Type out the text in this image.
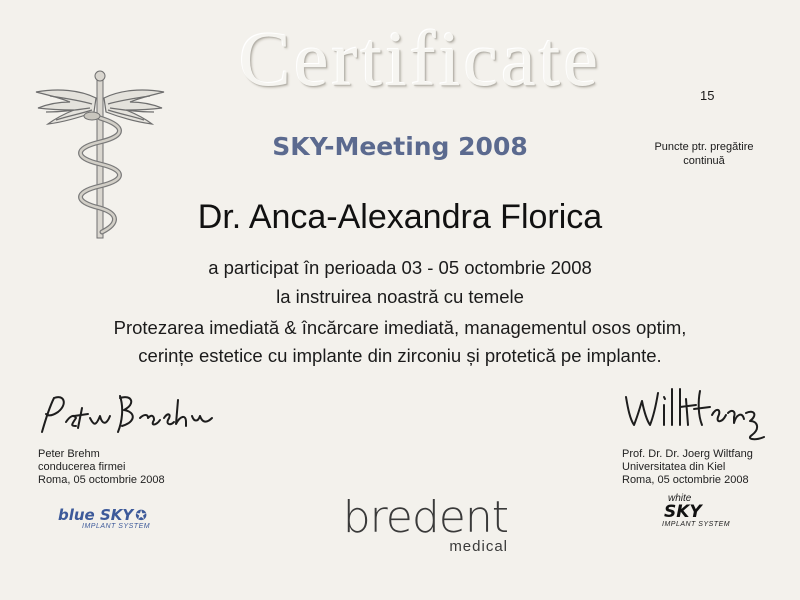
Certificate
SKY-Meeting 2008
15
Puncte ptr. pregătire
continuă
Dr. Anca-Alexandra Florica
a participat în perioada 03 - 05 octombrie 2008
la instruirea noastră cu temele
Protezarea imediată & încărcare imediată, managementul osos optim,
cerințe estetice cu implante din zirconiu și protetică pe implante.
Peter Brehm
conducerea firmei
Roma, 05 octombrie 2008
Prof. Dr. Dr. Joerg Wiltfang
Universitatea din Kiel
Roma, 05 octombrie 2008
blue SKY ✪
IMPLANT SYSTEM	bredent
medical
white
SKY
IMPLANT SYSTEM
